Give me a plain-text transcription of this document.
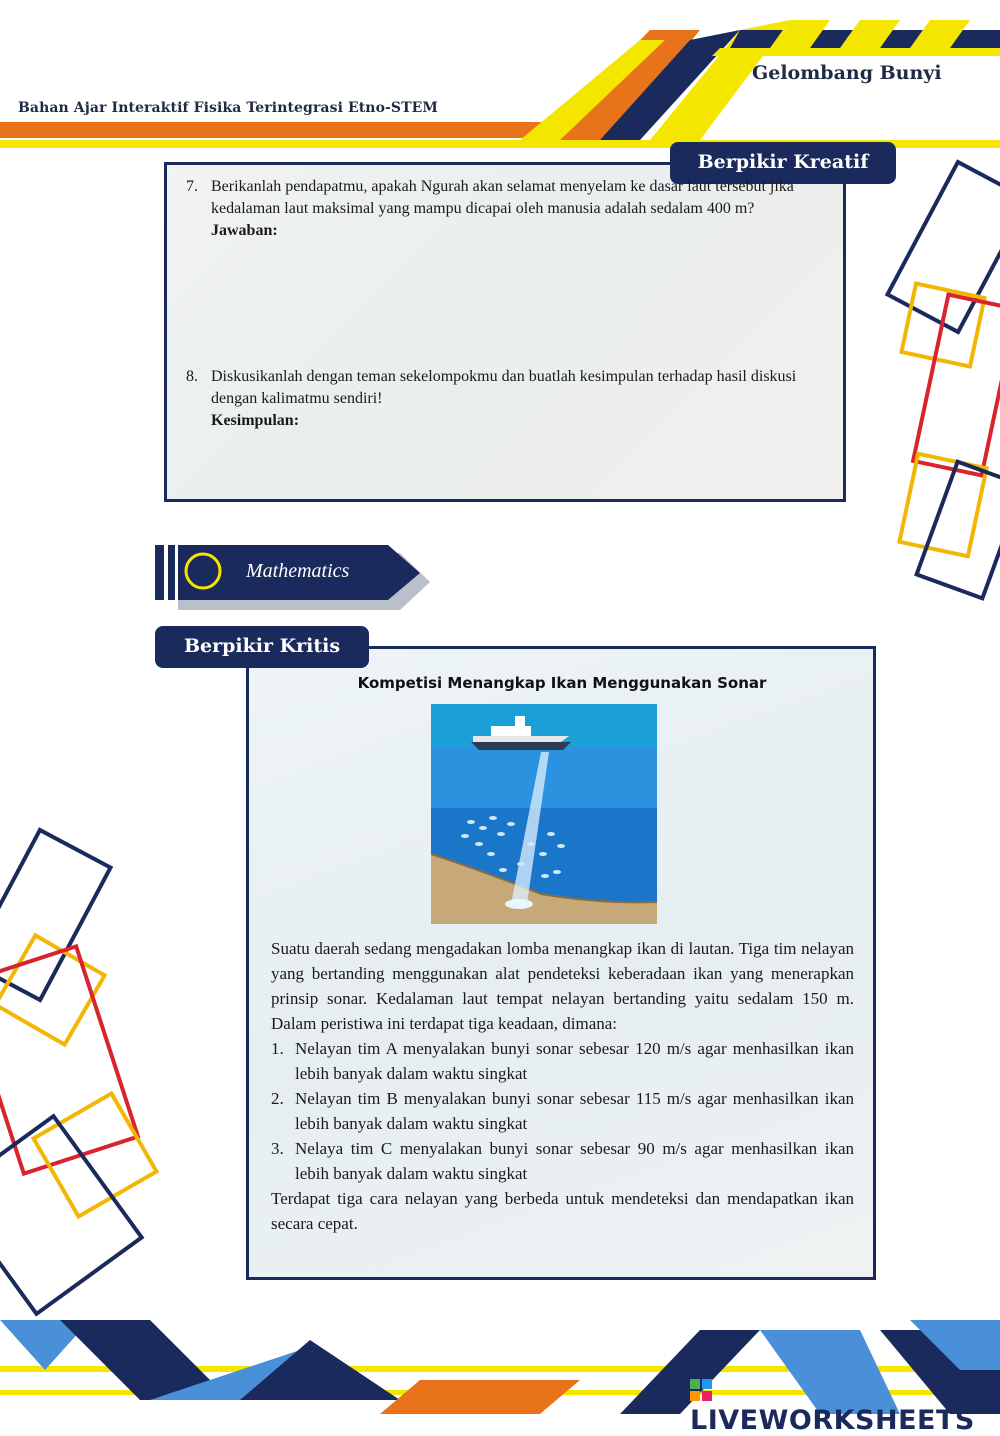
Bahan Ajar Interaktif Fisika Terintegrasi Etno-STEM
Gelombang Bunyi
Berpikir Kreatif
7. Berikanlah pendapatmu, apakah Ngurah akan selamat menyelam ke dasar laut tersebut jika kedalaman laut maksimal yang mampu dicapai oleh manusia adalah sedalam 400 m?
Jawaban:
8. Diskusikanlah dengan teman sekelompokmu dan buatlah kesimpulan terhadap hasil diskusi dengan kalimatmu sendiri!
Kesimpulan:
Mathematics
Berpikir Kritis
Kompetisi Menangkap Ikan Menggunakan Sonar

Suatu daerah sedang mengadakan lomba menangkap ikan di lautan. Tiga tim nelayan yang bertanding menggunakan alat pendeteksi keberadaan ikan yang menerapkan prinsip sonar. Kedalaman laut tempat nelayan bertanding yaitu sedalam 150 m. Dalam peristiwa ini terdapat tiga keadaan, dimana:

1. Nelayan tim A menyalakan bunyi sonar sebesar 120 m/s agar menhasilkan ikan lebih banyak dalam waktu singkat
2. Nelayan tim B menyalakan bunyi sonar sebesar 115 m/s agar menhasilkan ikan lebih banyak dalam waktu singkat
3. Nelaya tim C menyalakan bunyi sonar sebesar 90 m/s agar menhasilkan ikan lebih banyak dalam waktu singkat

Terdapat tiga cara nelayan yang berbeda untuk mendeteksi dan mendapatkan ikan secara cepat.

LIVEWORKSHEETS
